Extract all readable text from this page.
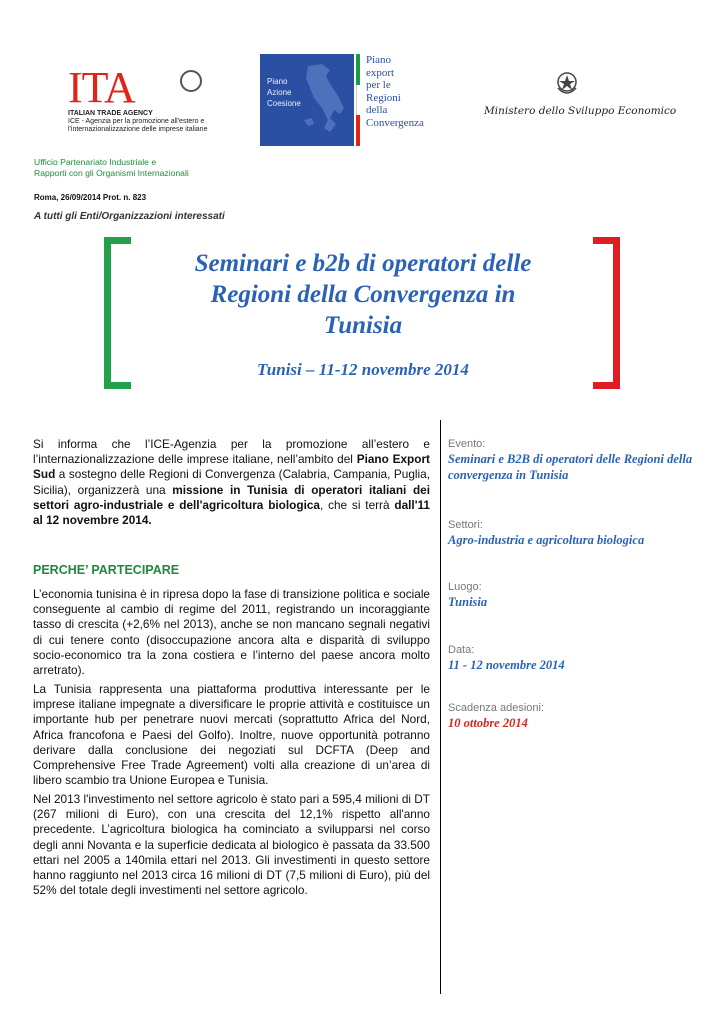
ITA
ITALIAN TRADE AGENCY
ICE - Agenzia per la promozione all'estero e
l'internazionalizzazione delle imprese italiane
Piano
Azione
Coesione
Piano
export
per le
Regioni
della
Convergenza
Ministero dello Sviluppo Economico
Ufficio Partenariato Industriale e
Rapporti con gli Organismi Internazionali
Roma, 26/09/2014 Prot. n. 823
A tutti gli Enti/Organizzazioni interessati
Seminari e b2b di operatori delle
Regioni della Convergenza in
Tunisia
Tunisi – 11-12 novembre 2014
Si informa che l’ICE-Agenzia per la promozione all’estero e l’internazionalizzazione delle imprese italiane, nell’ambito del Piano Export Sud a sostegno delle Regioni di Convergenza (Calabria, Campania, Puglia, Sicilia), organizzerà una missione in Tunisia di operatori italiani dei settori agro-industriale e dell'agricoltura biologica, che si terrà dall'11 al 12 novembre 2014.
PERCHE’ PARTECIPARE
L’economia tunisina è in ripresa dopo la fase di transizione politica e sociale conseguente al cambio di regime del 2011, registrando un incoraggiante tasso di crescita (+2,6% nel 2013), anche se non mancano segnali negativi di cui tenere conto (disoccupazione ancora alta e disparità di sviluppo socio-economico tra la zona costiera e l’interno del paese ancora molto arretrato).
La Tunisia rappresenta una piattaforma produttiva interessante per le imprese italiane impegnate a diversificare le proprie attività e costituisce un importante hub per penetrare nuovi mercati (soprattutto Africa del Nord, Africa francofona e Paesi del Golfo). Inoltre, nuove opportunità potranno derivare dalla conclusione dei negoziati sul DCFTA (Deep and Comprehensive Free Trade Agreement) volti alla creazione di un’area di libero scambio tra Unione Europea e Tunisia.
Nel 2013 l'investimento nel settore agricolo è stato pari a 595,4 milioni di DT (267 milioni di Euro), con una crescita del 12,1% rispetto all'anno precedente. L’agricoltura biologica ha cominciato a svilupparsi nel corso degli anni Novanta e la superficie dedicata al biologico è passata da 33.500 ettari nel 2005 a 140mila ettari nel 2013. Gli investimenti in questo settore hanno raggiunto nel 2013 circa 16 milioni di DT (7,5 milioni di Euro), più del 52% del totale degli investimenti nel settore agricolo.
Evento:
Seminari e B2B di operatori delle Regioni della convergenza in Tunisia
Settori:
Agro-industria e agricoltura biologica
Luogo:
Tunisia
Data:
11 - 12 novembre 2014
Scadenza adesioni:
10 ottobre 2014
